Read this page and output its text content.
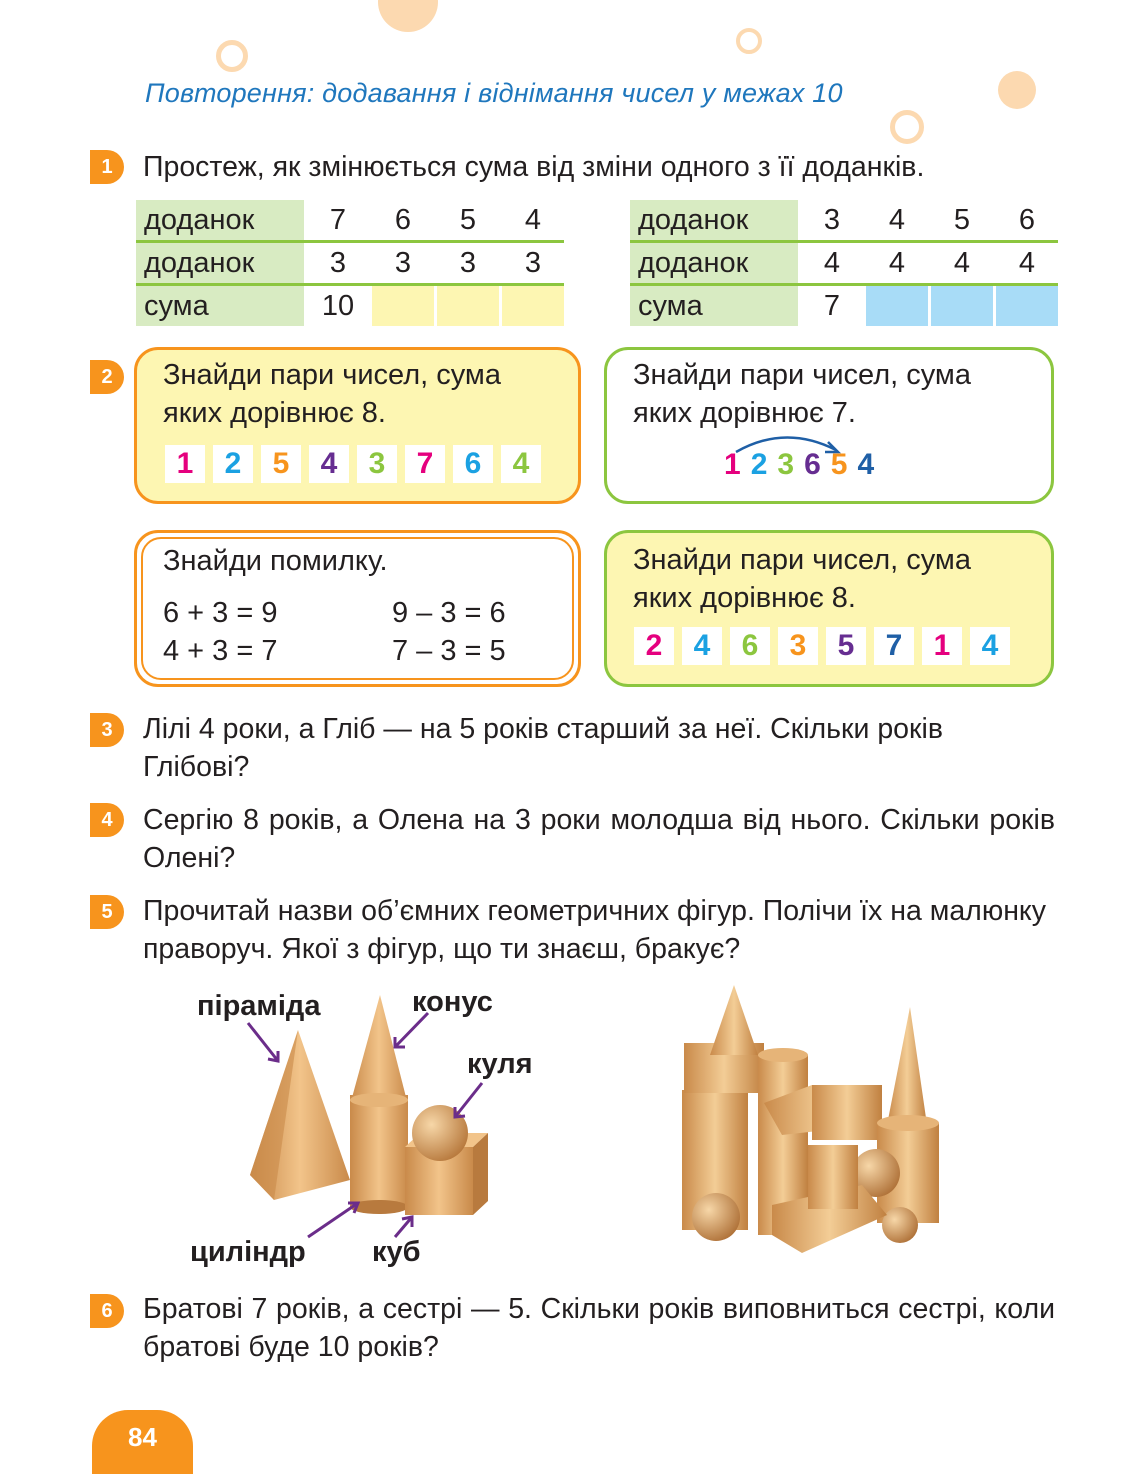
Повторення: додавання і віднімання чисел у межах 10
1	Простеж, як змінюється сума від зміни одного з її доданків.
доданок	7	6	5	4
доданок	3	3	3	3
сума	10			
доданок	3	4	5	6
доданок	4	4	4	4
сума	7			
2	Знайди пари чисел, сума
яких дорівнює 8.
1	2	5	4	3	7	6	4
Знайди пари чисел, сума
яких дорівнює 7.
1 2 3 6 5 4
Знайди помилку.
6 + 3 = 9	9 – 3 = 6
4 + 3 = 7	7 – 3 = 5
Знайди пари чисел, сума
яких дорівнює 8.
2	4	6	3	5	7	1	4
3	Лілі 4 роки, а Гліб — на 5 років старший за неї. Скільки років Глібові?
4	Сергію 8 років, а Олена на 3 роки молодша від нього. Скільки років Олені?
5	Прочитай назви об’ємних геометричних фігур. Полічи їх на малюнку праворуч. Якої з фігур, що ти знаєш, бракує?
піраміда	конус
куля
циліндр куб
6	Братові 7 років, а сестрі — 5. Скільки років виповниться сестрі, коли братові буде 10 років?
84
